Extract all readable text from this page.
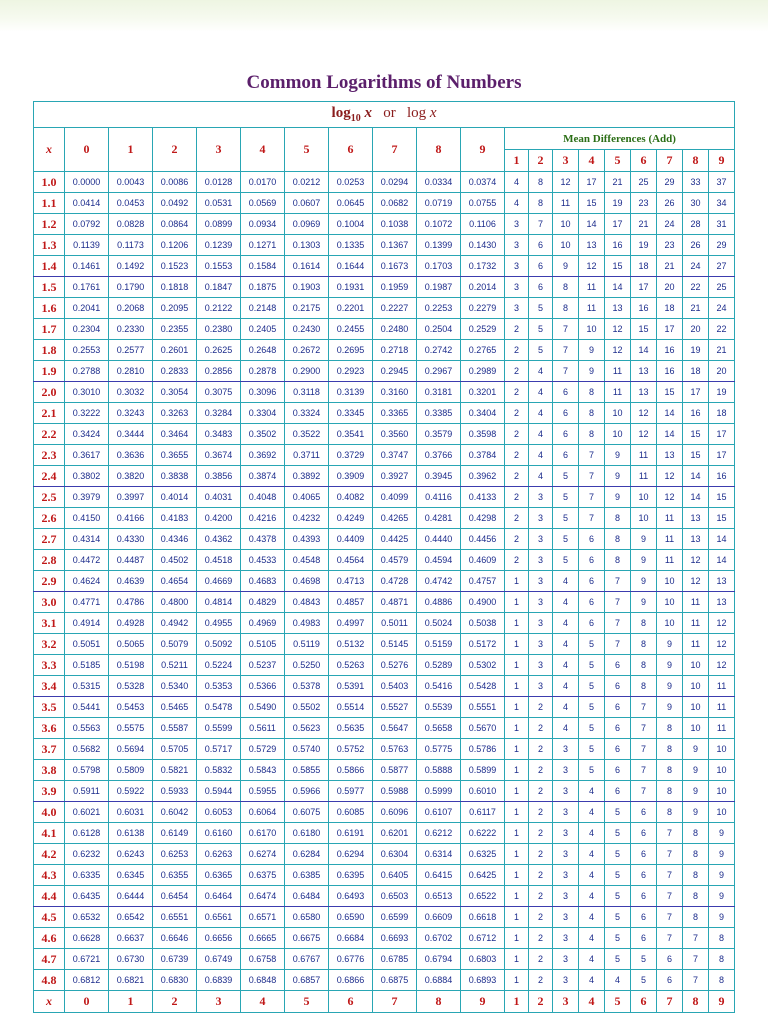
Common Logarithms of Numbers
$\log_{10} x$ or log x																			
x	0	1	2	3	4	5	6	7	8	9	Mean Differences (Add)								
											1	2	3	4	5	6	7	8	9
1.0	0.0000	0.0043	0.0086	0.0128	0.0170	0.0212	0.0253	0.0294	0.0334	0.0374	4	8	12	17	21	25	29	33	37
1.1	0.0414	0.0453	0.0492	0.0531	0.0569	0.0607	0.0645	0.0682	0.0719	0.0755	4	8	11	15	19	23	26	30	34
1.2	0.0792	0.0828	0.0864	0.0899	0.0934	0.0969	0.1004	0.1038	0.1072	0.1106	3	7	10	14	17	21	24	28	31
1.3	0.1139	0.1173	0.1206	0.1239	0.1271	0.1303	0.1335	0.1367	0.1399	0.1430	3	6	10	13	16	19	23	26	29
1.4	0.1461	0.1492	0.1523	0.1553	0.1584	0.1614	0.1644	0.1673	0.1703	0.1732	3	6	9	12	15	18	21	24	27
1.5	0.1761	0.1790	0.1818	0.1847	0.1875	0.1903	0.1931	0.1959	0.1987	0.2014	3	6	8	11	14	17	20	22	25
1.6	0.2041	0.2068	0.2095	0.2122	0.2148	0.2175	0.2201	0.2227	0.2253	0.2279	3	5	8	11	13	16	18	21	24
1.7	0.2304	0.2330	0.2355	0.2380	0.2405	0.2430	0.2455	0.2480	0.2504	0.2529	2	5	7	10	12	15	17	20	22
1.8	0.2553	0.2577	0.2601	0.2625	0.2648	0.2672	0.2695	0.2718	0.2742	0.2765	2	5	7	9	12	14	16	19	21
1.9	0.2788	0.2810	0.2833	0.2856	0.2878	0.2900	0.2923	0.2945	0.2967	0.2989	2	4	7	9	11	13	16	18	20
2.0	0.3010	0.3032	0.3054	0.3075	0.3096	0.3118	0.3139	0.3160	0.3181	0.3201	2	4	6	8	11	13	15	17	19
2.1	0.3222	0.3243	0.3263	0.3284	0.3304	0.3324	0.3345	0.3365	0.3385	0.3404	2	4	6	8	10	12	14	16	18
2.2	0.3424	0.3444	0.3464	0.3483	0.3502	0.3522	0.3541	0.3560	0.3579	0.3598	2	4	6	8	10	12	14	15	17
2.3	0.3617	0.3636	0.3655	0.3674	0.3692	0.3711	0.3729	0.3747	0.3766	0.3784	2	4	6	7	9	11	13	15	17
2.4	0.3802	0.3820	0.3838	0.3856	0.3874	0.3892	0.3909	0.3927	0.3945	0.3962	2	4	5	7	9	11	12	14	16
2.5	0.3979	0.3997	0.4014	0.4031	0.4048	0.4065	0.4082	0.4099	0.4116	0.4133	2	3	5	7	9	10	12	14	15
2.6	0.4150	0.4166	0.4183	0.4200	0.4216	0.4232	0.4249	0.4265	0.4281	0.4298	2	3	5	7	8	10	11	13	15
2.7	0.4314	0.4330	0.4346	0.4362	0.4378	0.4393	0.4409	0.4425	0.4440	0.4456	2	3	5	6	8	9	11	13	14
2.8	0.4472	0.4487	0.4502	0.4518	0.4533	0.4548	0.4564	0.4579	0.4594	0.4609	2	3	5	6	8	9	11	12	14
2.9	0.4624	0.4639	0.4654	0.4669	0.4683	0.4698	0.4713	0.4728	0.4742	0.4757	1	3	4	6	7	9	10	12	13
3.0	0.4771	0.4786	0.4800	0.4814	0.4829	0.4843	0.4857	0.4871	0.4886	0.4900	1	3	4	6	7	9	10	11	13
3.1	0.4914	0.4928	0.4942	0.4955	0.4969	0.4983	0.4997	0.5011	0.5024	0.5038	1	3	4	6	7	8	10	11	12
3.2	0.5051	0.5065	0.5079	0.5092	0.5105	0.5119	0.5132	0.5145	0.5159	0.5172	1	3	4	5	7	8	9	11	12
3.3	0.5185	0.5198	0.5211	0.5224	0.5237	0.5250	0.5263	0.5276	0.5289	0.5302	1	3	4	5	6	8	9	10	12
3.4	0.5315	0.5328	0.5340	0.5353	0.5366	0.5378	0.5391	0.5403	0.5416	0.5428	1	3	4	5	6	8	9	10	11
3.5	0.5441	0.5453	0.5465	0.5478	0.5490	0.5502	0.5514	0.5527	0.5539	0.5551	1	2	4	5	6	7	9	10	11
3.6	0.5563	0.5575	0.5587	0.5599	0.5611	0.5623	0.5635	0.5647	0.5658	0.5670	1	2	4	5	6	7	8	10	11
3.7	0.5682	0.5694	0.5705	0.5717	0.5729	0.5740	0.5752	0.5763	0.5775	0.5786	1	2	3	5	6	7	8	9	10
3.8	0.5798	0.5809	0.5821	0.5832	0.5843	0.5855	0.5866	0.5877	0.5888	0.5899	1	2	3	5	6	7	8	9	10
3.9	0.5911	0.5922	0.5933	0.5944	0.5955	0.5966	0.5977	0.5988	0.5999	0.6010	1	2	3	4	6	7	8	9	10
4.0	0.6021	0.6031	0.6042	0.6053	0.6064	0.6075	0.6085	0.6096	0.6107	0.6117	1	2	3	4	5	6	8	9	10
4.1	0.6128	0.6138	0.6149	0.6160	0.6170	0.6180	0.6191	0.6201	0.6212	0.6222	1	2	3	4	5	6	7	8	9
4.2	0.6232	0.6243	0.6253	0.6263	0.6274	0.6284	0.6294	0.6304	0.6314	0.6325	1	2	3	4	5	6	7	8	9
4.3	0.6335	0.6345	0.6355	0.6365	0.6375	0.6385	0.6395	0.6405	0.6415	0.6425	1	2	3	4	5	6	7	8	9
4.4	0.6435	0.6444	0.6454	0.6464	0.6474	0.6484	0.6493	0.6503	0.6513	0.6522	1	2	3	4	5	6	7	8	9
4.5	0.6532	0.6542	0.6551	0.6561	0.6571	0.6580	0.6590	0.6599	0.6609	0.6618	1	2	3	4	5	6	7	8	9
4.6	0.6628	0.6637	0.6646	0.6656	0.6665	0.6675	0.6684	0.6693	0.6702	0.6712	1	2	3	4	5	6	7	7	8
4.7	0.6721	0.6730	0.6739	0.6749	0.6758	0.6767	0.6776	0.6785	0.6794	0.6803	1	2	3	4	5	5	6	7	8
4.8	0.6812	0.6821	0.6830	0.6839	0.6848	0.6857	0.6866	0.6875	0.6884	0.6893	1	2	3	4	4	5	6	7	8
x	0	1	2	3	4	5	6	7	8	9	1	2	3	4	5	6	7	8	9
